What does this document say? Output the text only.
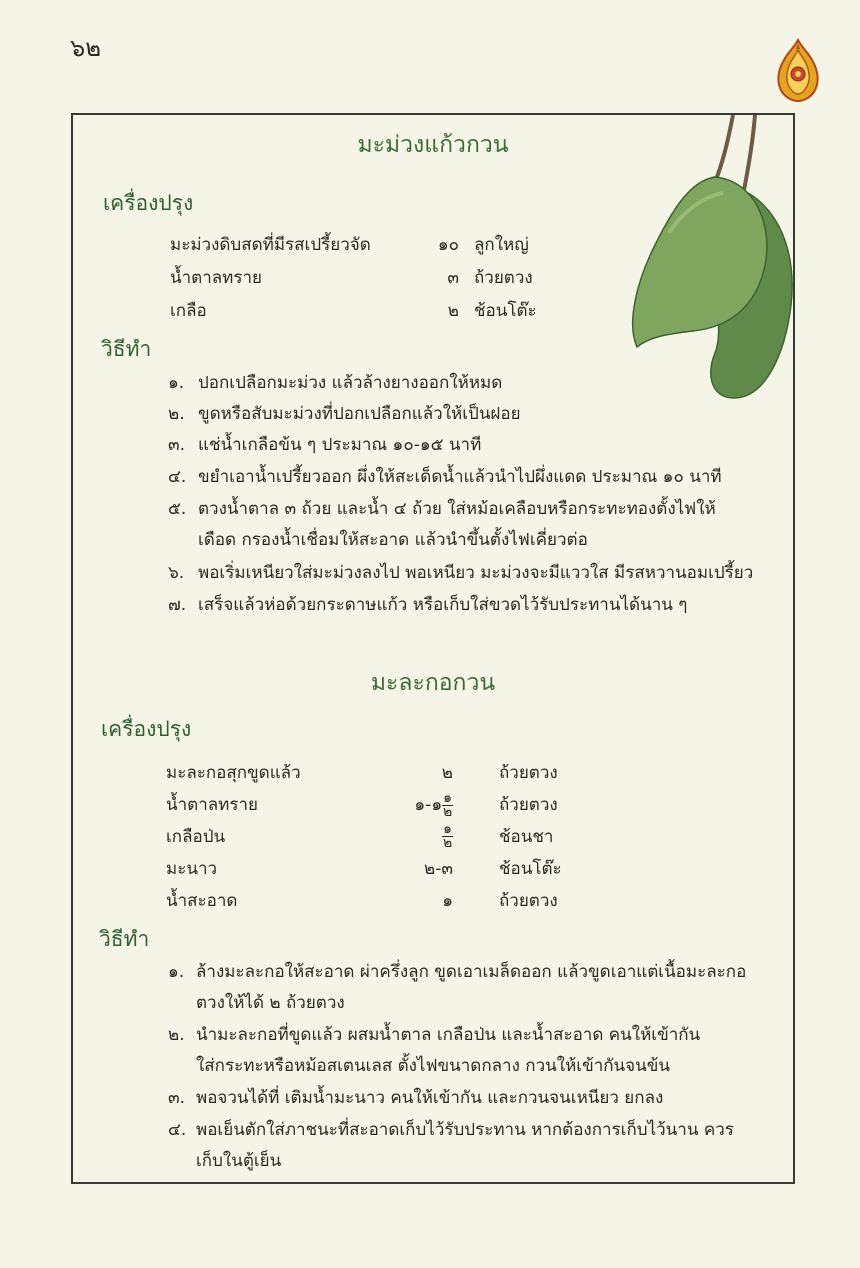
๖๒
มะม่วงแก้วกวน
เครื่องปรุง
มะม่วงดิบสดที่มีรสเปรี้ยวจัด	๑๐ ลูกใหญ่
น้ำตาลทราย	๓ ถ้วยตวง
เกลือ	๒ ช้อนโต๊ะ
วิธีทำ
๑. ปอกเปลือกมะม่วง แล้วล้างยางออกให้หมด
๒. ขูดหรือสับมะม่วงที่ปอกเปลือกแล้วให้เป็นฝอย
๓. แช่น้ำเกลือข้น ๆ ประมาณ ๑๐-๑๕ นาที
๔. ขยำเอาน้ำเปรี้ยวออก ผึ่งให้สะเด็ดน้ำแล้วนำไปผึ่งแดด ประมาณ ๑๐ นาที
๕. ตวงน้ำตาล ๓ ถ้วย และน้ำ ๔ ถ้วย ใส่หม้อเคลือบหรือกระทะทองตั้งไฟให้
เดือด กรองน้ำเชื่อมให้สะอาด แล้วนำขึ้นตั้งไฟเคี่ยวต่อ
๖. พอเริ่มเหนียวใส่มะม่วงลงไป พอเหนียว มะม่วงจะมีแววใส มีรสหวานอมเปรี้ยว
๗. เสร็จแล้วห่อด้วยกระดาษแก้ว หรือเก็บใส่ขวดไว้รับประทานได้นาน ๆ
มะละกอกวน
เครื่องปรุง
มะละกอสุกขูดแล้ว	๒	ถ้วยตวง
น้ำตาลทราย	๑-๑ $\frac{๑}{๒}$	ถ้วยตวง
เกลือป่น	$\frac{๑}{๒}$	ช้อนชา
มะนาว	๒-๓	ช้อนโต๊ะ
น้ำสะอาด	๑	ถ้วยตวง
วิธีทำ
๑. ล้างมะละกอให้สะอาด ผ่าครึ่งลูก ขูดเอาเมล็ดออก แล้วขูดเอาแต่เนื้อมะละกอ
ตวงให้ได้ ๒ ถ้วยตวง
๒. นำมะละกอที่ขูดแล้ว ผสมน้ำตาล เกลือป่น และน้ำสะอาด คนให้เข้ากัน
ใส่กระทะหรือหม้อสเตนเลส ตั้งไฟขนาดกลาง กวนให้เข้ากันจนข้น
๓. พอจวนได้ที่ เติมน้ำมะนาว คนให้เข้ากัน และกวนจนเหนียว ยกลง
๔. พอเย็นตักใส่ภาชนะที่สะอาดเก็บไว้รับประทาน หากต้องการเก็บไว้นาน ควร
เก็บในตู้เย็น
